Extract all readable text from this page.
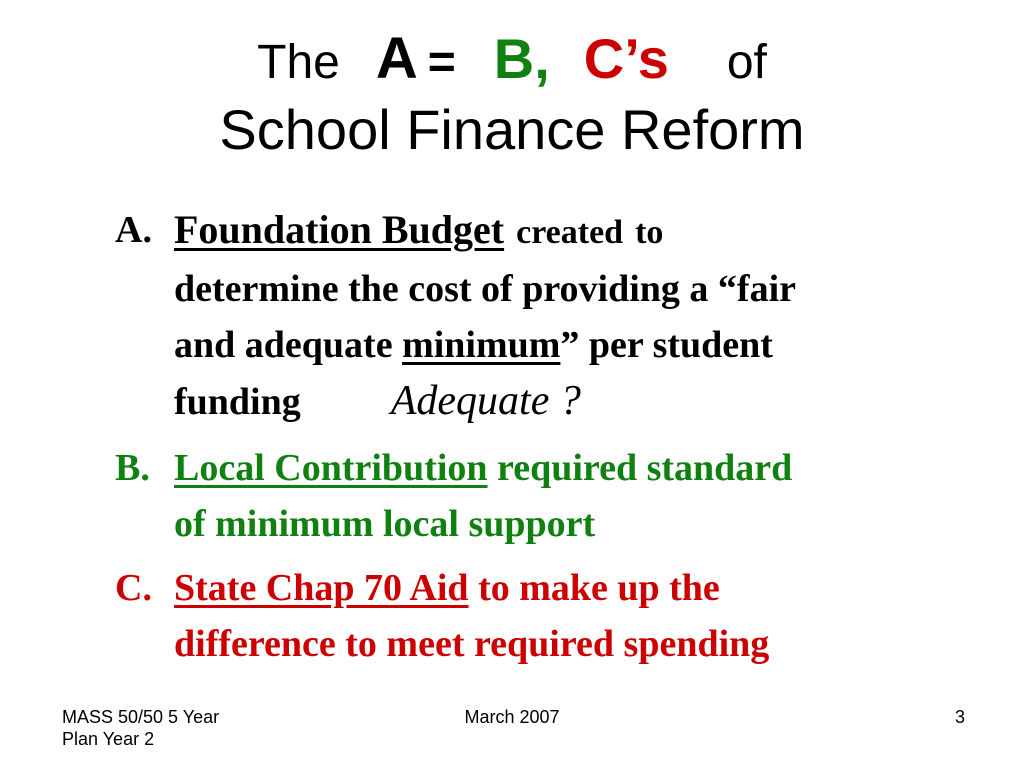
The A = B, C’s of
School Finance Reform
A. Foundation Budget created to
determine the cost of providing a “fair
and adequate minimum” per student
funding Adequate ?
B. Local Contribution required standard
of minimum local support
C. State Chap 70 Aid to make up the
difference to meet required spending
MASS 50/50 5 Year
Plan Year 2
March 2007	3
